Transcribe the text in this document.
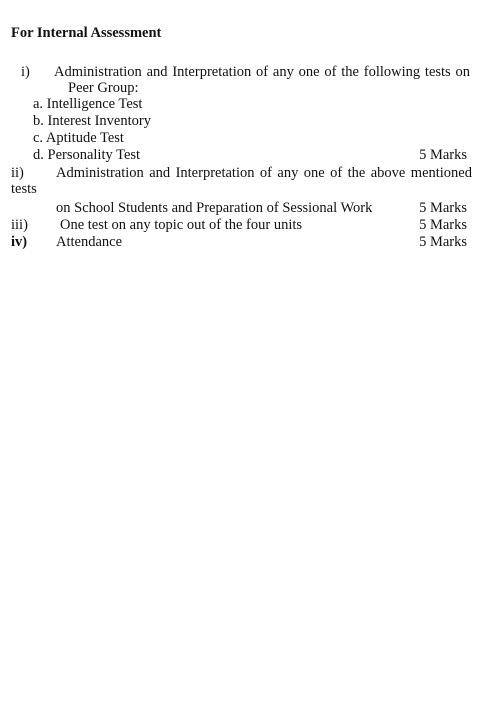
For Internal Assessment
i) Administration and Interpretation of any one of the following tests on
Peer Group:
a. Intelligence Test
b. Interest Inventory
c. Aptitude Test
d. Personality Test	5 Marks
ii) Administration and Interpretation of any one of the above mentioned
tests
on School Students and Preparation of Sessional Work	5 Marks
iii) One test on any topic out of the four units	5 Marks
iv) Attendance	5 Marks
